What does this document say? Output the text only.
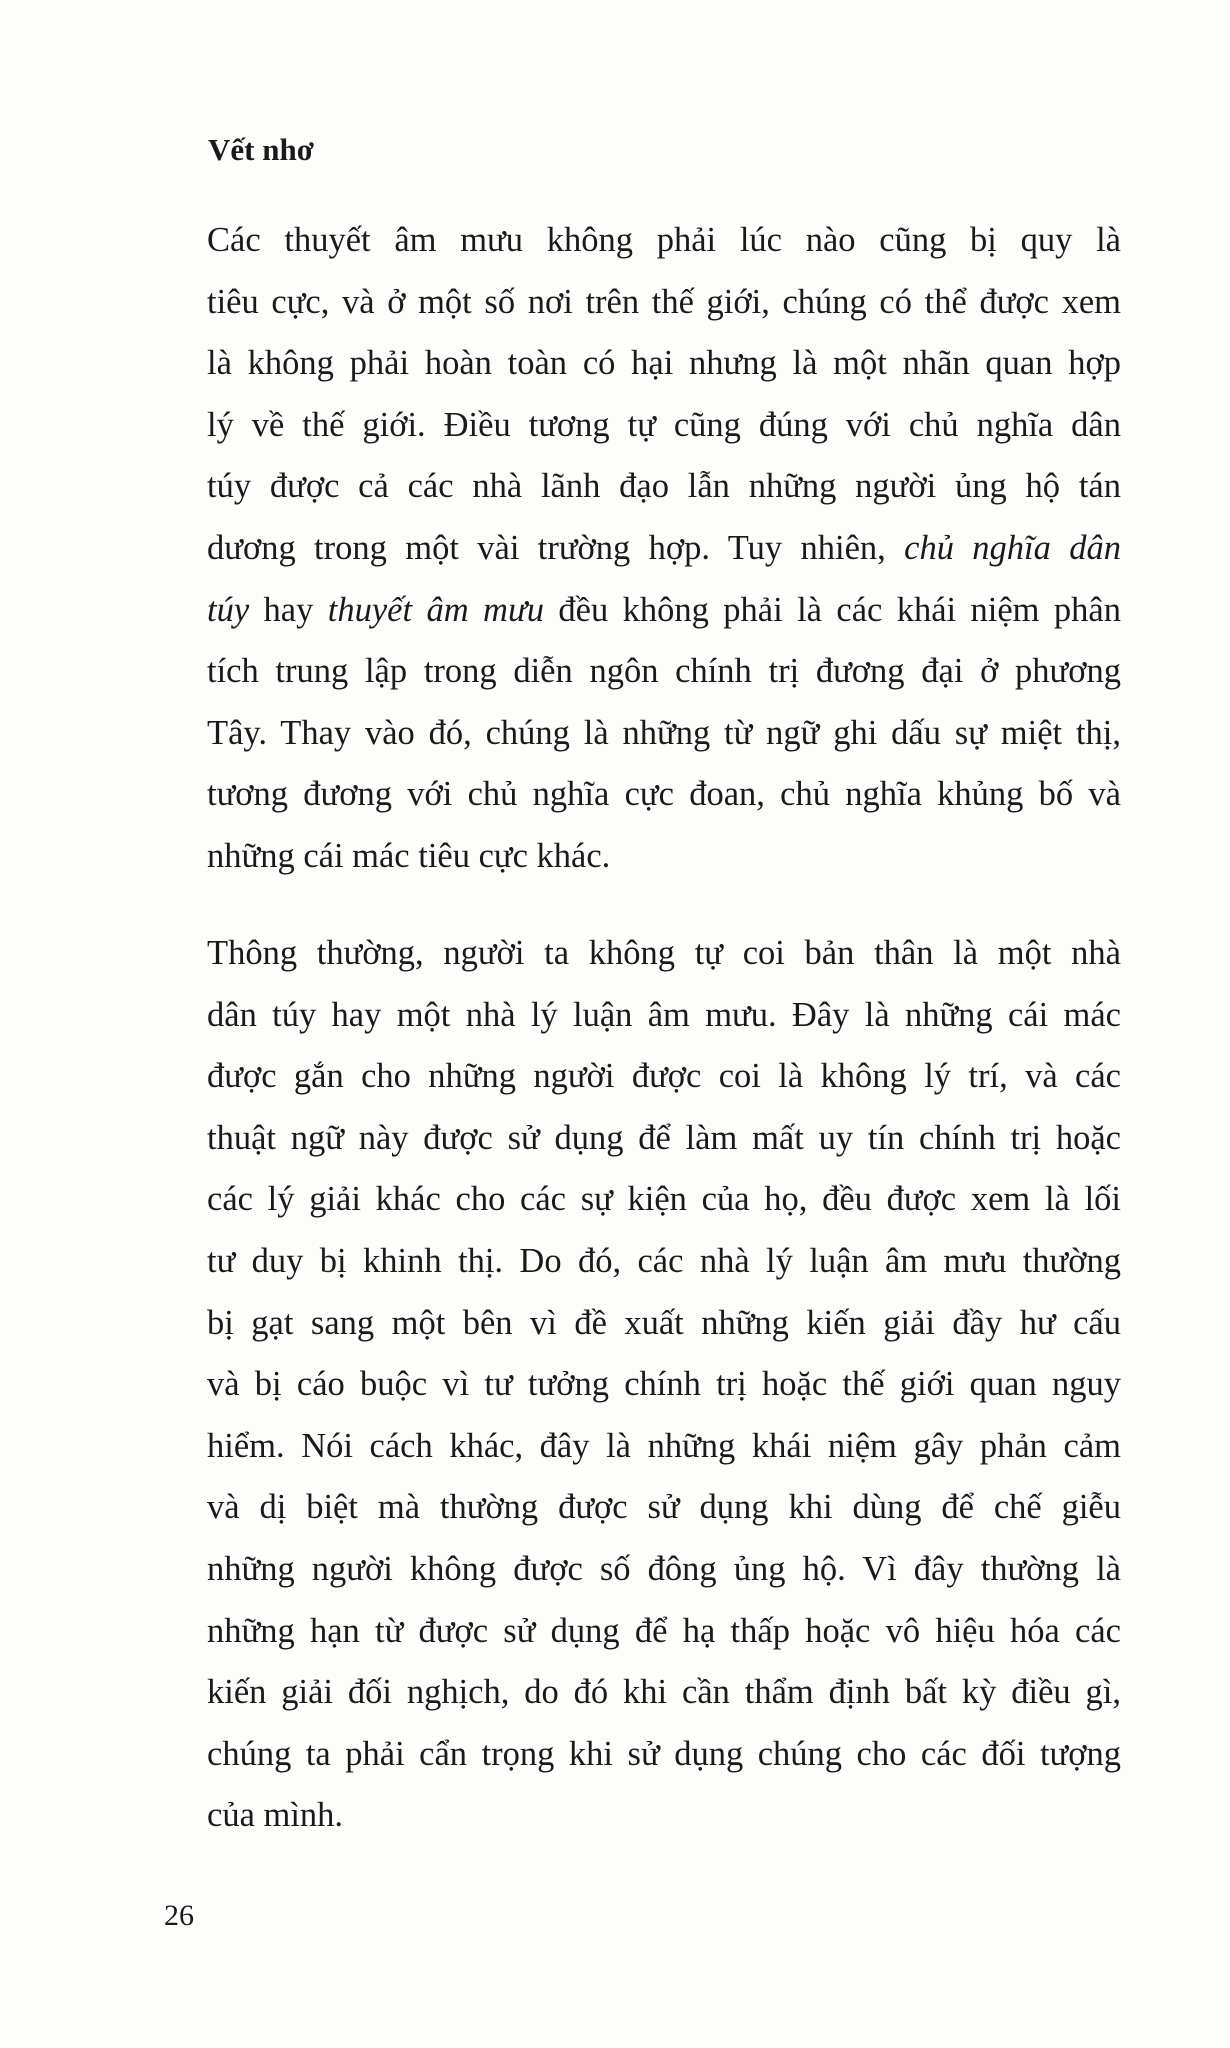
Vết nhơ
Các thuyết âm mưu không phải lúc nào cũng bị quy là
tiêu cực, và ở một số nơi trên thế giới, chúng có thể được xem
là không phải hoàn toàn có hại nhưng là một nhãn quan hợp
lý về thế giới. Điều tương tự cũng đúng với chủ nghĩa dân
túy được cả các nhà lãnh đạo lẫn những người ủng hộ tán
dương trong một vài trường hợp. Tuy nhiên, chủ nghĩa dân
túy hay thuyết âm mưu đều không phải là các khái niệm phân
tích trung lập trong diễn ngôn chính trị đương đại ở phương
Tây. Thay vào đó, chúng là những từ ngữ ghi dấu sự miệt thị,
tương đương với chủ nghĩa cực đoan, chủ nghĩa khủng bố và
những cái mác tiêu cực khác.
Thông thường, người ta không tự coi bản thân là một nhà
dân túy hay một nhà lý luận âm mưu. Đây là những cái mác
được gắn cho những người được coi là không lý trí, và các
thuật ngữ này được sử dụng để làm mất uy tín chính trị hoặc
các lý giải khác cho các sự kiện của họ, đều được xem là lối
tư duy bị khinh thị. Do đó, các nhà lý luận âm mưu thường
bị gạt sang một bên vì đề xuất những kiến giải đầy hư cấu
và bị cáo buộc vì tư tưởng chính trị hoặc thế giới quan nguy
hiểm. Nói cách khác, đây là những khái niệm gây phản cảm
và dị biệt mà thường được sử dụng khi dùng để chế giễu
những người không được số đông ủng hộ. Vì đây thường là
những hạn từ được sử dụng để hạ thấp hoặc vô hiệu hóa các
kiến giải đối nghịch, do đó khi cần thẩm định bất kỳ điều gì,
chúng ta phải cẩn trọng khi sử dụng chúng cho các đối tượng
của mình.
26
